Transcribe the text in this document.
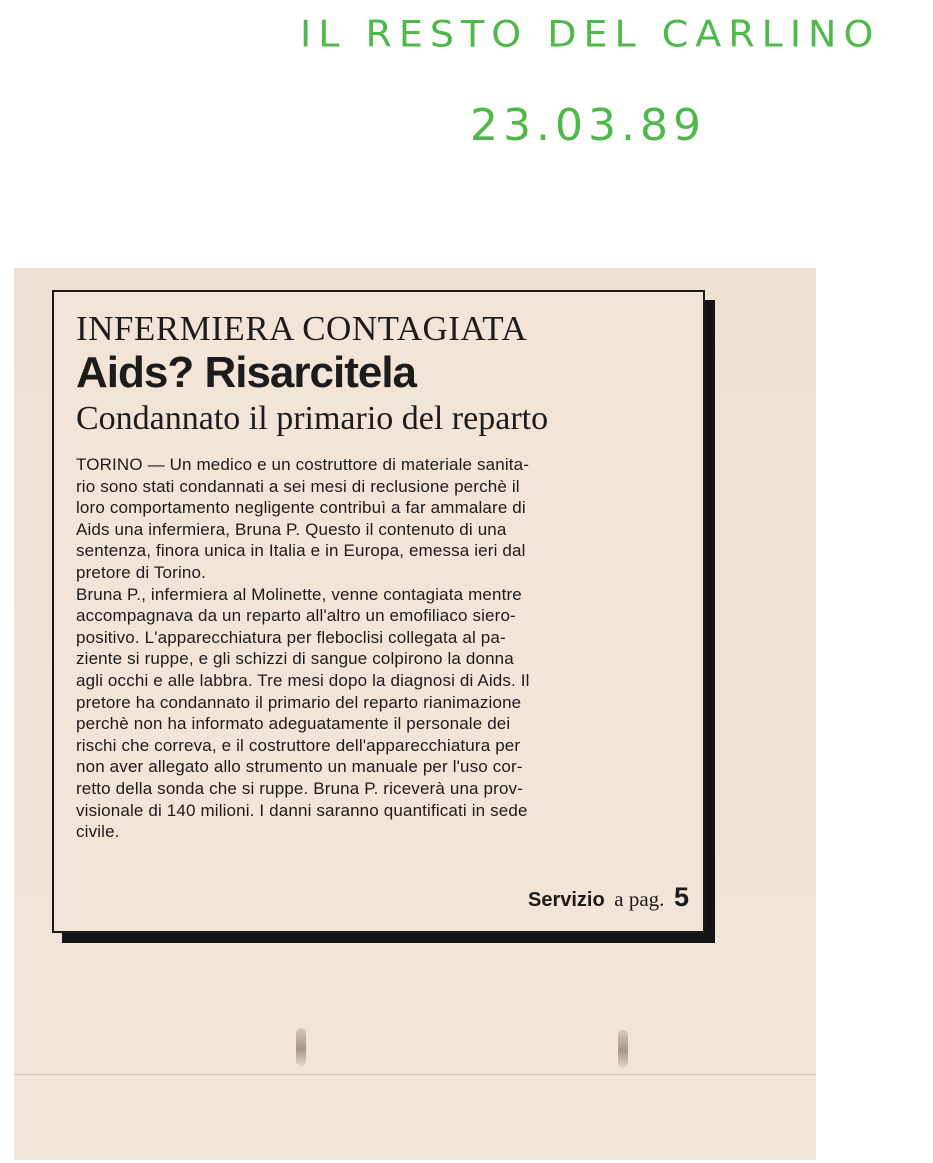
IL RESTO DEL CARLINO
23.03.89
INFERMIERA CONTAGIATA
Aids? Risarcitela
Condannato il primario del reparto
TORINO — Un medico e un costruttore di materiale sanita-
rio sono stati condannati a sei mesi di reclusione perchè il
loro comportamento negligente contribuì a far ammalare di
Aids una infermiera, Bruna P. Questo il contenuto di una
sentenza, finora unica in Italia e in Europa, emessa ieri dal
pretore di Torino.
Bruna P., infermiera al Molinette, venne contagiata mentre
accompagnava da un reparto all'altro un emofiliaco siero-
positivo. L'apparecchiatura per fleboclisi collegata al pa-
ziente si ruppe, e gli schizzi di sangue colpirono la donna
agli occhi e alle labbra. Tre mesi dopo la diagnosi di Aids. Il
pretore ha condannato il primario del reparto rianimazione
perchè non ha informato adeguatamente il personale dei
rischi che correva, e il costruttore dell'apparecchiatura per
non aver allegato allo strumento un manuale per l'uso cor-
retto della sonda che si ruppe. Bruna P. riceverà una prov-
visionale di 140 milioni. I danni saranno quantificati in sede
civile.
Servizio a pag. 5
